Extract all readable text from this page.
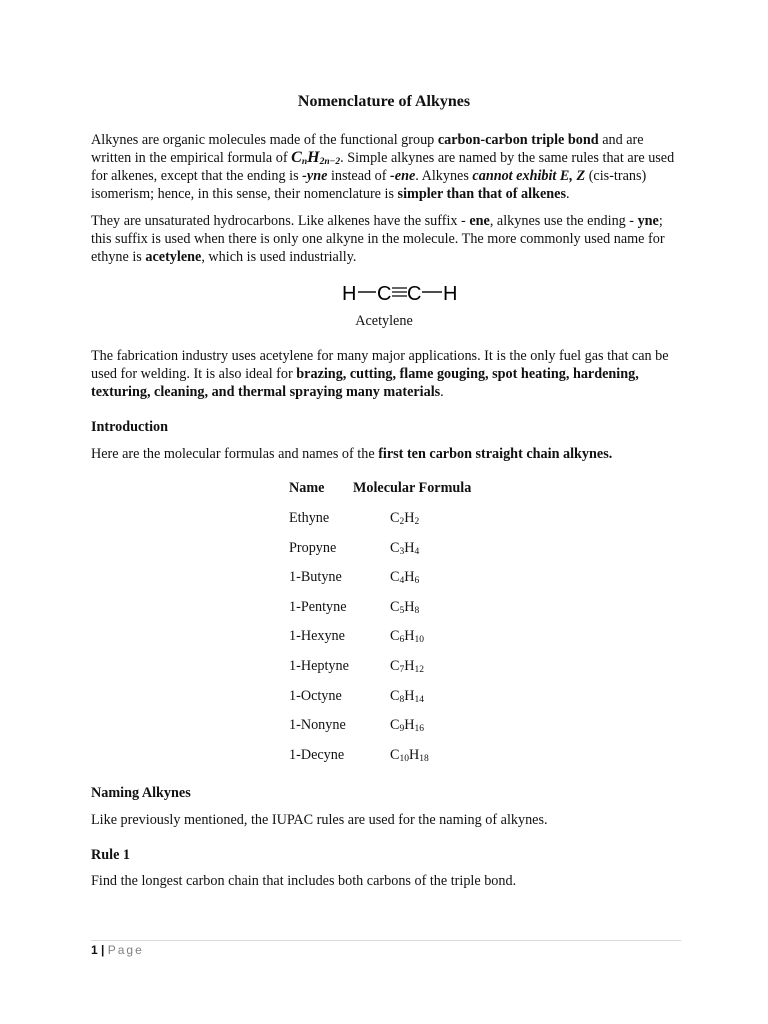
Nomenclature of Alkynes
Alkynes are organic molecules made of the functional group carbon-carbon triple bond and are written in the empirical formula of $C_nH_{2n-2}$. Simple alkynes are named by the same rules that are used for alkenes, except that the ending is -yne instead of -ene. Alkynes cannot exhibit E, Z (cis-trans) isomerism; hence, in this sense, their nomenclature is simpler than that of alkenes.
They are unsaturated hydrocarbons. Like alkenes have the suffix - ene, alkynes use the ending - yne; this suffix is used when there is only one alkyne in the molecule. The more commonly used name for ethyne is acetylene, which is used industrially.
H C C H
Acetylene
The fabrication industry uses acetylene for many major applications. It is the only fuel gas that can be used for welding. It is also ideal for brazing, cutting, flame gouging, spot heating, hardening, texturing, cleaning, and thermal spraying many materials.
Introduction
Here are the molecular formulas and names of the first ten carbon straight chain alkynes.
Name Molecular Formula
Ethyne	$C_2H_2$
Propyne	$C_3H_4$
1-Butyne	$C_4H_6$
1-Pentyne	$C_5H_8$
1-Hexyne	$C_6H_{10}$
1-Heptyne	$C_7H_{12}$
1-Octyne	$C_8H_{14}$
1-Nonyne	$C_9H_{16}$
1-Decyne	$C_{10}H_{18}$
Naming Alkynes
Like previously mentioned, the IUPAC rules are used for the naming of alkynes.
Rule 1
Find the longest carbon chain that includes both carbons of the triple bond.
1 | Page
